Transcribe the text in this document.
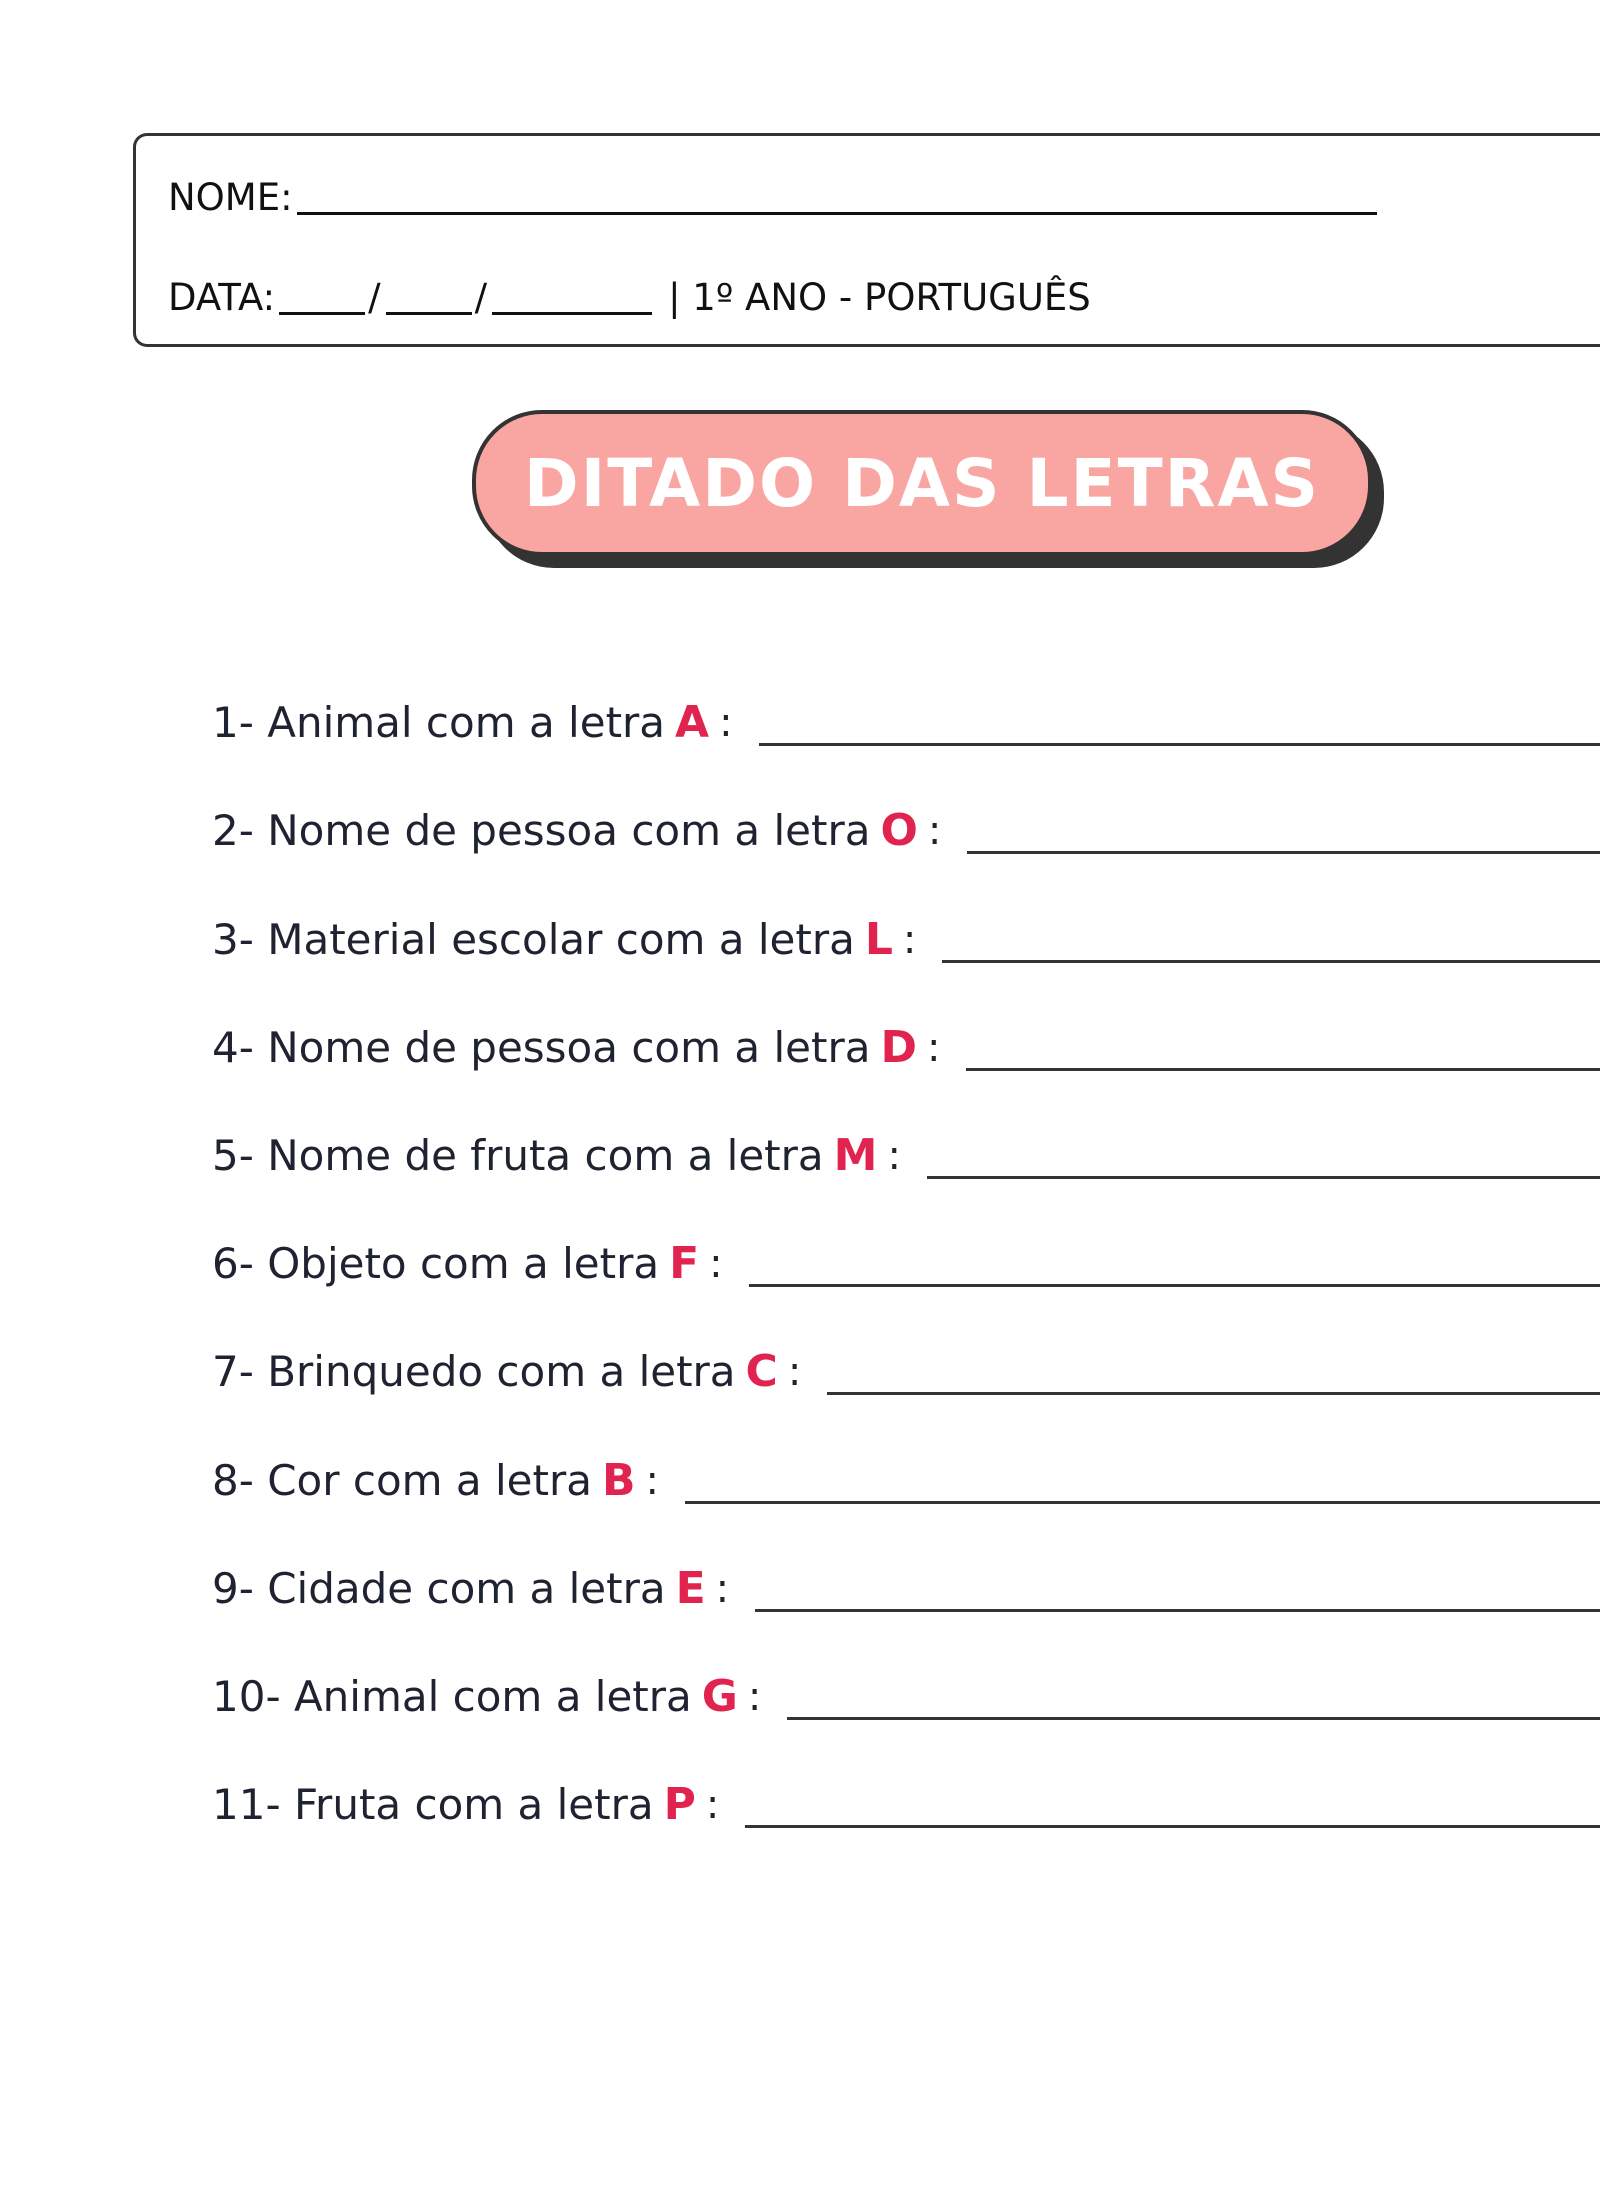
NOME:
DATA:	/	/	| 1º ANO - PORTUGUÊS
DITADO DAS LETRAS
1- Animal com a letra A :
2- Nome de pessoa com a letra O :
3- Material escolar com a letra L :
4- Nome de pessoa com a letra D :
5- Nome de fruta com a letra M :
6- Objeto com a letra F :
7- Brinquedo com a letra C :
8- Cor com a letra B :
9- Cidade com a letra E :
10- Animal com a letra G :
11- Fruta com a letra P :
